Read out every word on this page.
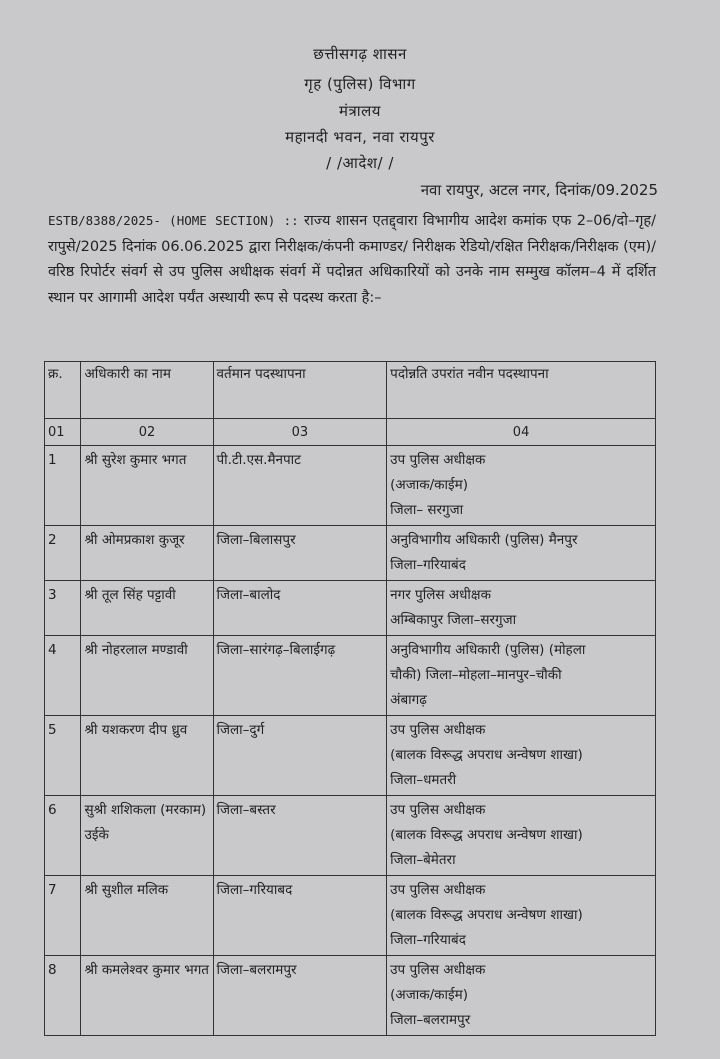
छत्तीसगढ़ शासन
गृह (पुलिस) विभाग
मंत्रालय
महानदी भवन, नवा रायपुर
/ /आदेश/ /
नवा रायपुर, अटल नगर, दिनांक/09.2025
ESTB/8388/2025- (HOME SECTION) :: राज्य शासन एतद्द्वारा विभागीय आदेश कमांक एफ 2–06/दो–गृह/रापुसे/2025 दिनांक 06.06.2025 द्वारा निरीक्षक/कंपनी कमाण्डर/ निरीक्षक रेडियो/रक्षित निरीक्षक/निरीक्षक (एम)/वरिष्ठ रिपोर्टर संवर्ग से उप पुलिस अधीक्षक संवर्ग में पदोन्नत अधिकारियों को उनके नाम सम्मुख कॉलम–4 में दर्शित स्थान पर आगामी आदेश पर्यंत अस्थायी रूप से पदस्थ करता है:–
क्र.	अधिकारी का नाम	वर्तमान पदस्थापना	पदोन्नति उपरांत नवीन पदस्थापना
01	02	03	04

1	श्री सुरेश कुमार भगत	पी.टी.एस.मैनपाट	उप पुलिस अधीक्षक
(अजाक/काईम)
जिला– सरगुजा

2	श्री ओमप्रकाश कुजूर	जिला–बिलासपुर	अनुविभागीय अधिकारी (पुलिस) मैनपुर
जिला–गरियाबंद

3	श्री तूल सिंह पट्टावी	जिला–बालोद	नगर पुलिस अधीक्षक
अम्बिकापुर जिला–सरगुजा

4	श्री नोहरलाल मण्डावी	जिला–सारंगढ़–बिलाईगढ़	अनुविभागीय अधिकारी (पुलिस) (मोहला
चौकी) जिला–मोहला–मानपुर–चौकी
अंबागढ़

5	श्री यशकरण दीप ध्रुव	जिला–दुर्ग	उप पुलिस अधीक्षक
(बालक विरूद्ध अपराध अन्वेषण शाखा)
जिला–धमतरी

6	सुश्री शशिकला (मरकाम) उईके	जिला–बस्तर	उप पुलिस अधीक्षक
(बालक विरूद्ध अपराध अन्वेषण शाखा)
जिला–बेमेतरा

7	श्री सुशील मलिक	जिला–गरियाबद	उप पुलिस अधीक्षक
(बालक विरूद्ध अपराध अन्वेषण शाखा)
जिला–गरियाबंद

8	श्री कमलेश्वर कुमार भगत	जिला–बलरामपुर	उप पुलिस अधीक्षक
(अजाक/काईम)
जिला–बलरामपुर
